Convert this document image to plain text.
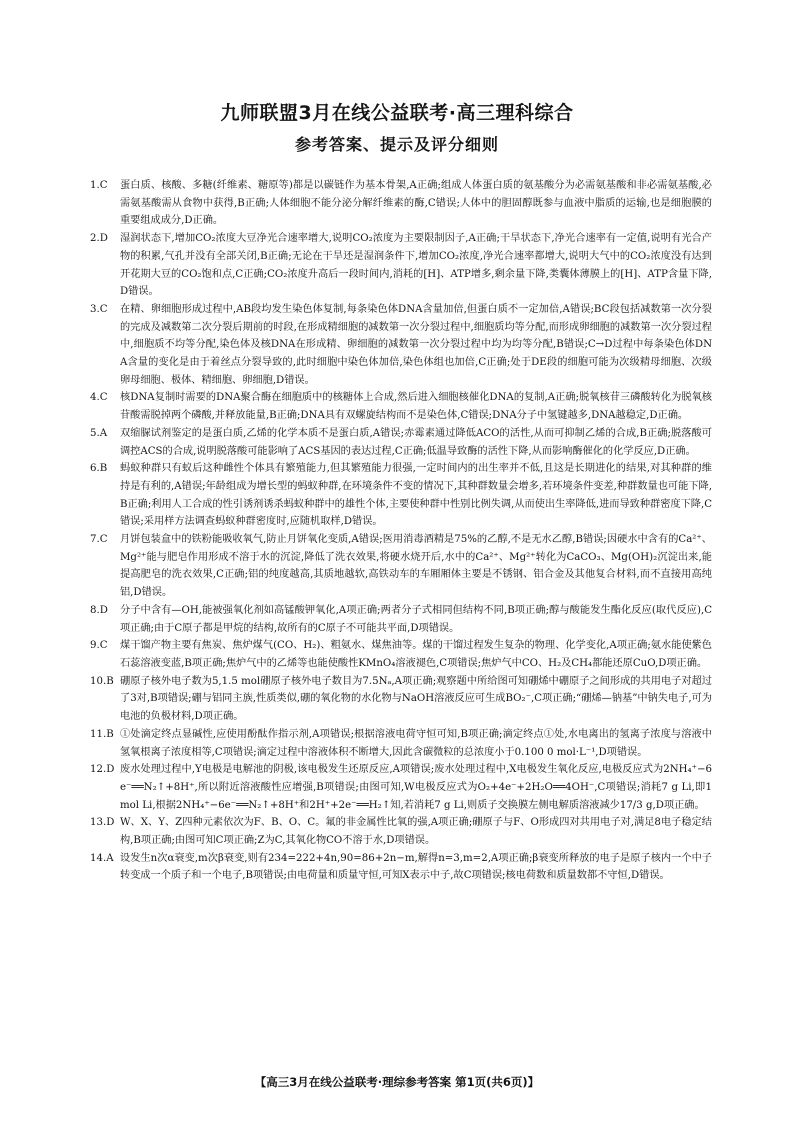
九师联盟3月在线公益联考·高三理科综合
参考答案、提示及评分细则
1.C	蛋白质、核酸、多糖(纤维素、糖原等)都是以碳链作为基本骨架,A正确;组成人体蛋白质的氨基酸分为必需氨基酸和非必需氨基酸,必需氨基酸需从食物中获得,B正确;人体细胞不能分泌分解纤维素的酶,C错误;人体中的胆固醇既参与血液中脂质的运输,也是细胞膜的重要组成成分,D正确。
2.D	湿润状态下,增加CO₂浓度大豆净光合速率增大,说明CO₂浓度为主要限制因子,A正确;干旱状态下,净光合速率有一定值,说明有光合产物的积累,气孔并没有全部关闭,B正确;无论在干旱还是湿润条件下,增加CO₂浓度,净光合速率都增大,说明大气中的CO₂浓度没有达到开花期大豆的CO₂饱和点,C正确;CO₂浓度升高后一段时间内,消耗的[H]、ATP增多,剩余量下降,类囊体薄膜上的[H]、ATP含量下降,D错误。
3.C	在精、卵细胞形成过程中,AB段均发生染色体复制,每条染色体DNA含量加倍,但蛋白质不一定加倍,A错误;BC段包括减数第一次分裂的完成及减数第二次分裂后期前的时段,在形成精细胞的减数第一次分裂过程中,细胞质均等分配,而形成卵细胞的减数第一次分裂过程中,细胞质不均等分配,染色体及核DNA在形成精、卵细胞的减数第一次分裂过程中均为均等分配,B错误;C→D过程中每条染色体DNA含量的变化是由于着丝点分裂导致的,此时细胞中染色体加倍,染色体组也加倍,C正确;处于DE段的细胞可能为次级精母细胞、次级卵母细胞、极体、精细胞、卵细胞,D错误。
4.C	核DNA复制时需要的DNA聚合酶在细胞质中的核糖体上合成,然后进入细胞核催化DNA的复制,A正确;脱氧核苷三磷酸转化为脱氧核苷酸需脱掉两个磷酸,并释放能量,B正确;DNA具有双螺旋结构而不是染色体,C错误;DNA分子中氢键越多,DNA越稳定,D正确。
5.A	双缩脲试剂鉴定的是蛋白质,乙烯的化学本质不是蛋白质,A错误;赤霉素通过降低ACO的活性,从而可抑制乙烯的合成,B正确;脱落酸可调控ACS的合成,说明脱落酸可能影响了ACS基因的表达过程,C正确;低温导致酶的活性下降,从而影响酶催化的化学反应,D正确。
6.B	蚂蚁种群只有蚁后这种雌性个体具有繁殖能力,但其繁殖能力很强,一定时间内的出生率并不低,且这是长期进化的结果,对其种群的维持是有利的,A错误;年龄组成为增长型的蚂蚁种群,在环境条件不变的情况下,其种群数量会增多,若环境条件变差,种群数量也可能下降,B正确;利用人工合成的性引诱剂诱杀蚂蚁种群中的雄性个体,主要使种群中性别比例失调,从而使出生率降低,进而导致种群密度下降,C错误;采用样方法调查蚂蚁种群密度时,应随机取样,D错误。
7.C	月饼包装盒中的铁粉能吸收氧气,防止月饼氧化变质,A错误;医用消毒酒精是75%的乙醇,不是无水乙醇,B错误;因硬水中含有的Ca²⁺、Mg²⁺能与肥皂作用形成不溶于水的沉淀,降低了洗衣效果,将硬水烧开后,水中的Ca²⁺、Mg²⁺转化为CaCO₃、Mg(OH)₂沉淀出来,能提高肥皂的洗衣效果,C正确;铝的纯度越高,其质地越软,高铁动车的车厢厢体主要是不锈钢、铝合金及其他复合材料,而不直接用高纯铝,D错误。
8.D	分子中含有—OH,能被强氧化剂如高锰酸钾氧化,A项正确;两者分子式相同但结构不同,B项正确;醇与酸能发生酯化反应(取代反应),C项正确;由于C原子都是甲烷的结构,故所有的C原子不可能共平面,D项错误。
9.C	煤干馏产物主要有焦炭、焦炉煤气(CO、H₂)、粗氨水、煤焦油等。煤的干馏过程发生复杂的物理、化学变化,A项正确;氨水能使紫色石蕊溶液变蓝,B项正确;焦炉气中的乙烯等也能使酸性KMnO₄溶液褪色,C项错误;焦炉气中CO、H₂及CH₄都能还原CuO,D项正确。
10.B 硼原子核外电子数为5,1.5 mol硼原子核外电子数目为7.5Nₐ,A项正确;观察题中所给图可知硼烯中硼原子之间形成的共用电子对超过了3对,B项错误;硼与铝同主族,性质类似,硼的氧化物的水化物与NaOH溶液反应可生成BO₂⁻,C项正确;“硼烯—钠基”中钠失电子,可为电池的负极材料,D项正确。
11.B ①处滴定终点显碱性,应使用酚酞作指示剂,A项错误;根据溶液电荷守恒可知,B项正确;滴定终点①处,水电离出的氢离子浓度与溶液中氢氧根离子浓度相等,C项错误;滴定过程中溶液体积不断增大,因此含碳微粒的总浓度小于0.100 0 mol·L⁻¹,D项错误。
12.D 废水处理过程中,Y电极是电解池的阴极,该电极发生还原反应,A项错误;废水处理过程中,X电极发生氧化反应,电极反应式为2NH₄⁺−6e⁻══N₂↑+8H⁺,所以附近溶液酸性应增强,B项错误;由图可知,W电极反应式为O₂+4e⁻+2H₂O══4OH⁻,C项错误;消耗7 g Li,即1 mol Li,根据2NH₄⁺−6e⁻══N₂↑+8H⁺和2H⁺+2e⁻══H₂↑知,若消耗7 g Li,则质子交换膜左侧电解质溶液减少17/3 g,D项正确。
13.D W、X、Y、Z四种元素依次为F、B、O、C。氟的非金属性比氧的强,A项正确;硼原子与F、O形成四对共用电子对,满足8电子稳定结构,B项正确;由图可知C项正确;Z为C,其氧化物CO不溶于水,D项错误。
14.A 设发生n次α衰变,m次β衰变,则有234=222+4n,90=86+2n−m,解得n=3,m=2,A项正确;β衰变所释放的电子是原子核内一个中子转变成一个质子和一个电子,B项错误;由电荷量和质量守恒,可知X表示中子,故C项错误;核电荷数和质量数都不守恒,D错误。
【高三3月在线公益联考·理综参考答案 第1页(共6页)】
